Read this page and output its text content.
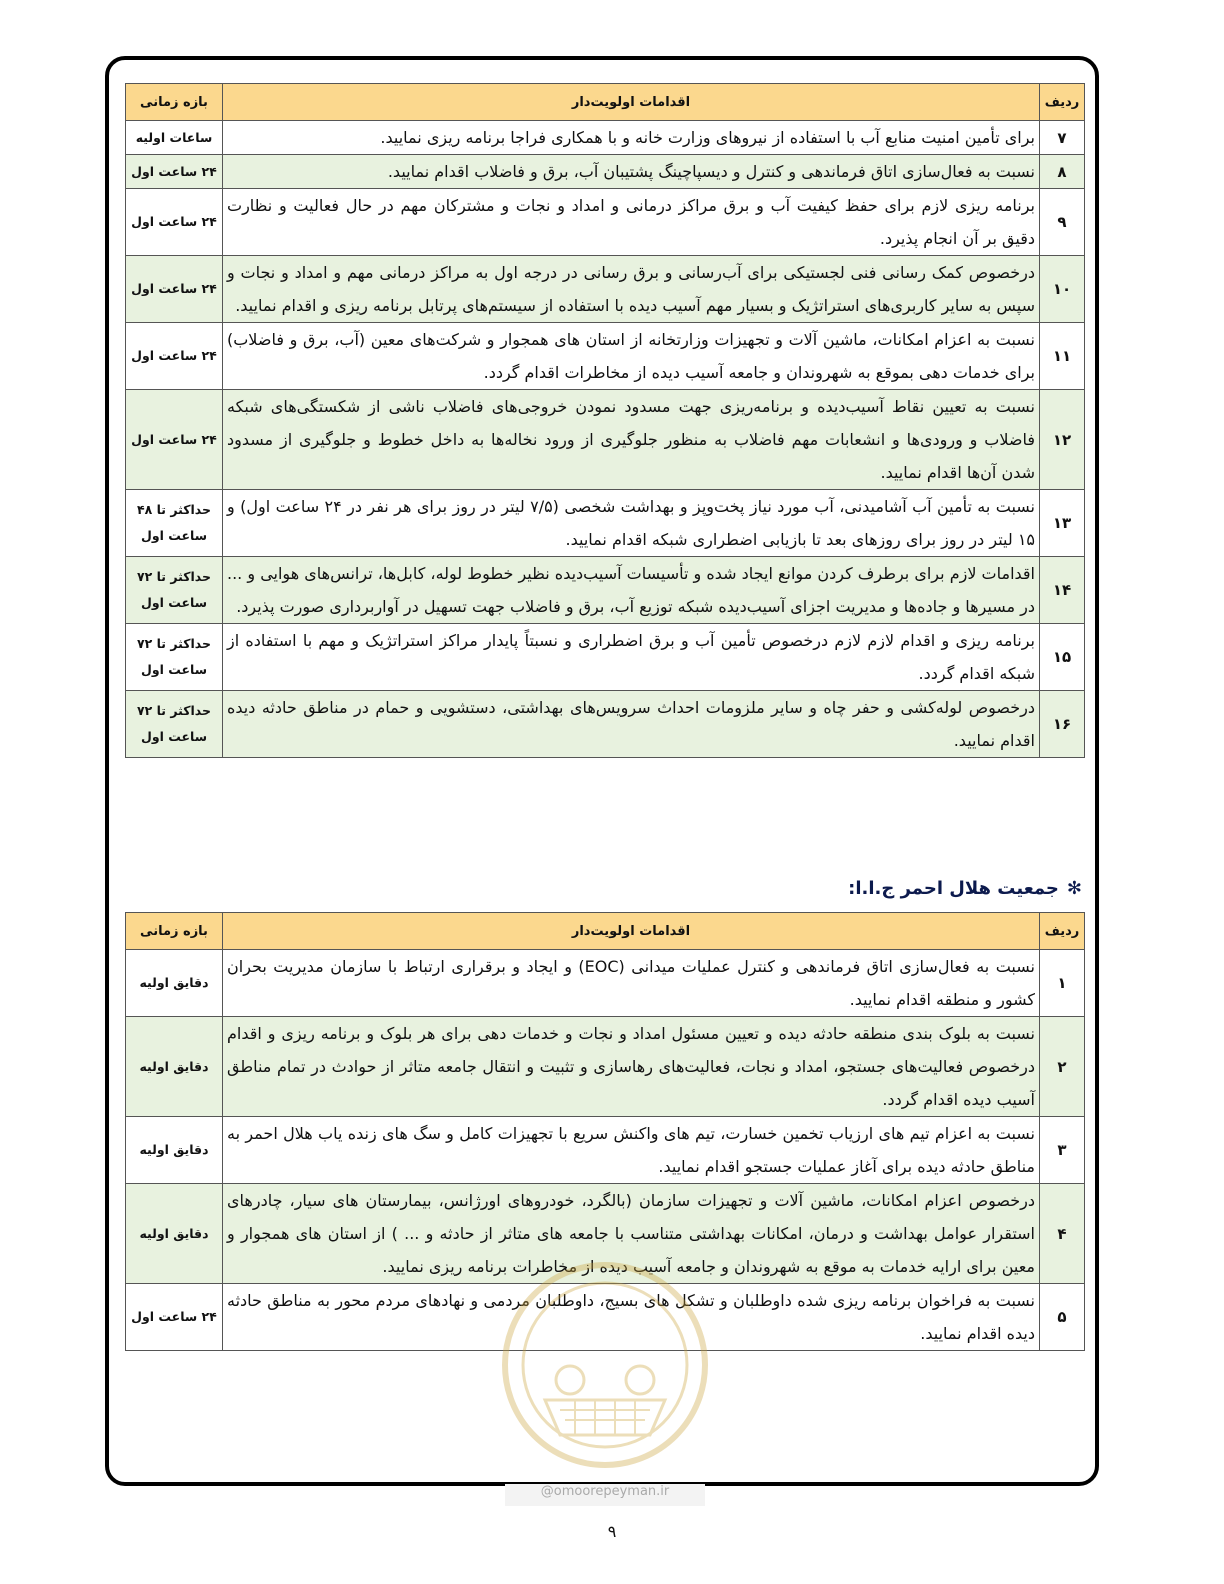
ردیف	اقدامات اولویت‌دار	بازه زمانی
۷	برای تأمین امنیت منابع آب با استفاده از نیروهای وزارت خانه و با همکاری فراجا برنامه ریزی نمایید.	ساعات اولیه
۸	نسبت به فعال‌سازی اتاق فرماندهی و کنترل و دیسپاچینگ پشتیبان آب، برق و فاضلاب اقدام نمایید.	۲۴ ساعت اول
۹	برنامه ریزی لازم برای حفظ کیفیت آب و برق مراکز درمانی و امداد و نجات و مشترکان مهم در حال فعالیت و نظارت دقیق بر آن انجام پذیرد.	۲۴ ساعت اول
۱۰	درخصوص کمک رسانی فنی لجستیکی برای آب‌رسانی و برق رسانی در درجه اول به مراکز درمانی مهم و امداد و نجات و سپس به سایر کاربری‌های استراتژیک و بسیار مهم آسیب دیده با استفاده از سیستم‌های پرتابل برنامه ریزی و اقدام نمایید.	۲۴ ساعت اول
۱۱	نسبت به اعزام امکانات، ماشین آلات و تجهیزات وزارتخانه از استان های همجوار و شرکت‌های معین (آب، برق و فاضلاب) برای خدمات دهی بموقع به شهروندان و جامعه آسیب دیده از مخاطرات اقدام گردد.	۲۴ ساعت اول
۱۲	نسبت به تعیین نقاط آسیب‌دیده و برنامه‌ریزی جهت مسدود نمودن خروجی‌های فاضلاب ناشی از شکستگی‌های شبکه فاضلاب و ورودی‌ها و انشعابات مهم فاضلاب به منظور جلوگیری از ورود نخاله‌ها به داخل خطوط و جلوگیری از مسدود شدن آن‌ها اقدام نمایید.	۲۴ ساعت اول
۱۳	نسبت به تأمین آب آشامیدنی، آب مورد نیاز پخت‌وپز و بهداشت شخصی (۷/۵ لیتر در روز برای هر نفر در ۲۴ ساعت اول) و ۱۵ لیتر در روز برای روزهای بعد تا بازیابی اضطراری شبکه اقدام نمایید.	حداکثر تا ۴۸ ساعت اول
۱۴	اقدامات لازم برای برطرف کردن موانع ایجاد شده و تأسیسات آسیب‌دیده نظیر خطوط لوله، کابل‌ها، ترانس‌های هوایی و ... در مسیرها و جاده‌ها و مدیریت اجزای آسیب‌دیده شبکه توزیع آب، برق و فاضلاب جهت تسهیل در آواربرداری صورت پذیرد.	حداکثر تا ۷۲ ساعت اول
۱۵	برنامه ریزی و اقدام لازم لازم درخصوص تأمین آب و برق اضطراری و نسبتاً پایدار مراکز استراتژیک و مهم با استفاده از شبکه اقدام گردد.	حداکثر تا ۷۲ ساعت اول
۱۶	درخصوص لوله‌کشی و حفر چاه و سایر ملزومات احداث سرویس‌های بهداشتی، دستشویی و حمام در مناطق حادثه دیده اقدام نمایید.	حداکثر تا ۷۲ ساعت اول
✻جمعیت هلال احمر ج.ا.ا:
ردیف	اقدامات اولویت‌دار	بازه زمانی
۱	نسبت به فعال‌سازی اتاق فرماندهی و کنترل عملیات میدانی (EOC) و ایجاد و برقراری ارتباط با سازمان مدیریت بحران کشور و منطقه اقدام نمایید.	دقایق اولیه
۲	نسبت به بلوک بندی منطقه حادثه دیده و تعیین مسئول امداد و نجات و خدمات دهی برای هر بلوک و برنامه ریزی و اقدام درخصوص فعالیت‌های جستجو، امداد و نجات، فعالیت‌های رهاسازی و تثبیت و انتقال جامعه متاثر از حوادث در تمام مناطق آسیب دیده اقدام گردد.	دقایق اولیه
۳	نسبت به اعزام تیم های ارزیاب تخمین خسارت، تیم های واکنش سریع با تجهیزات کامل و سگ های زنده یاب هلال احمر به مناطق حادثه دیده برای آغاز عملیات جستجو اقدام نمایید.	دقایق اولیه
۴	درخصوص اعزام امکانات، ماشین آلات و تجهیزات سازمان (بالگرد، خودروهای اورژانس، بیمارستان های سیار، چادرهای استقرار عوامل بهداشت و درمان، امکانات بهداشتی متناسب با جامعه های متاثر از حادثه و ... ) از استان های همجوار و معین برای ارایه خدمات به موقع به شهروندان و جامعه آسیب دیده از مخاطرات برنامه ریزی نمایید.	دقایق اولیه
۵	نسبت به فراخوان برنامه ریزی شده داوطلبان و تشکل های بسیج، داوطلبان مردمی و نهادهای مردم محور به مناطق حادثه دیده اقدام نمایید.	۲۴ ساعت اول
@omoorepeyman.ir
۹
